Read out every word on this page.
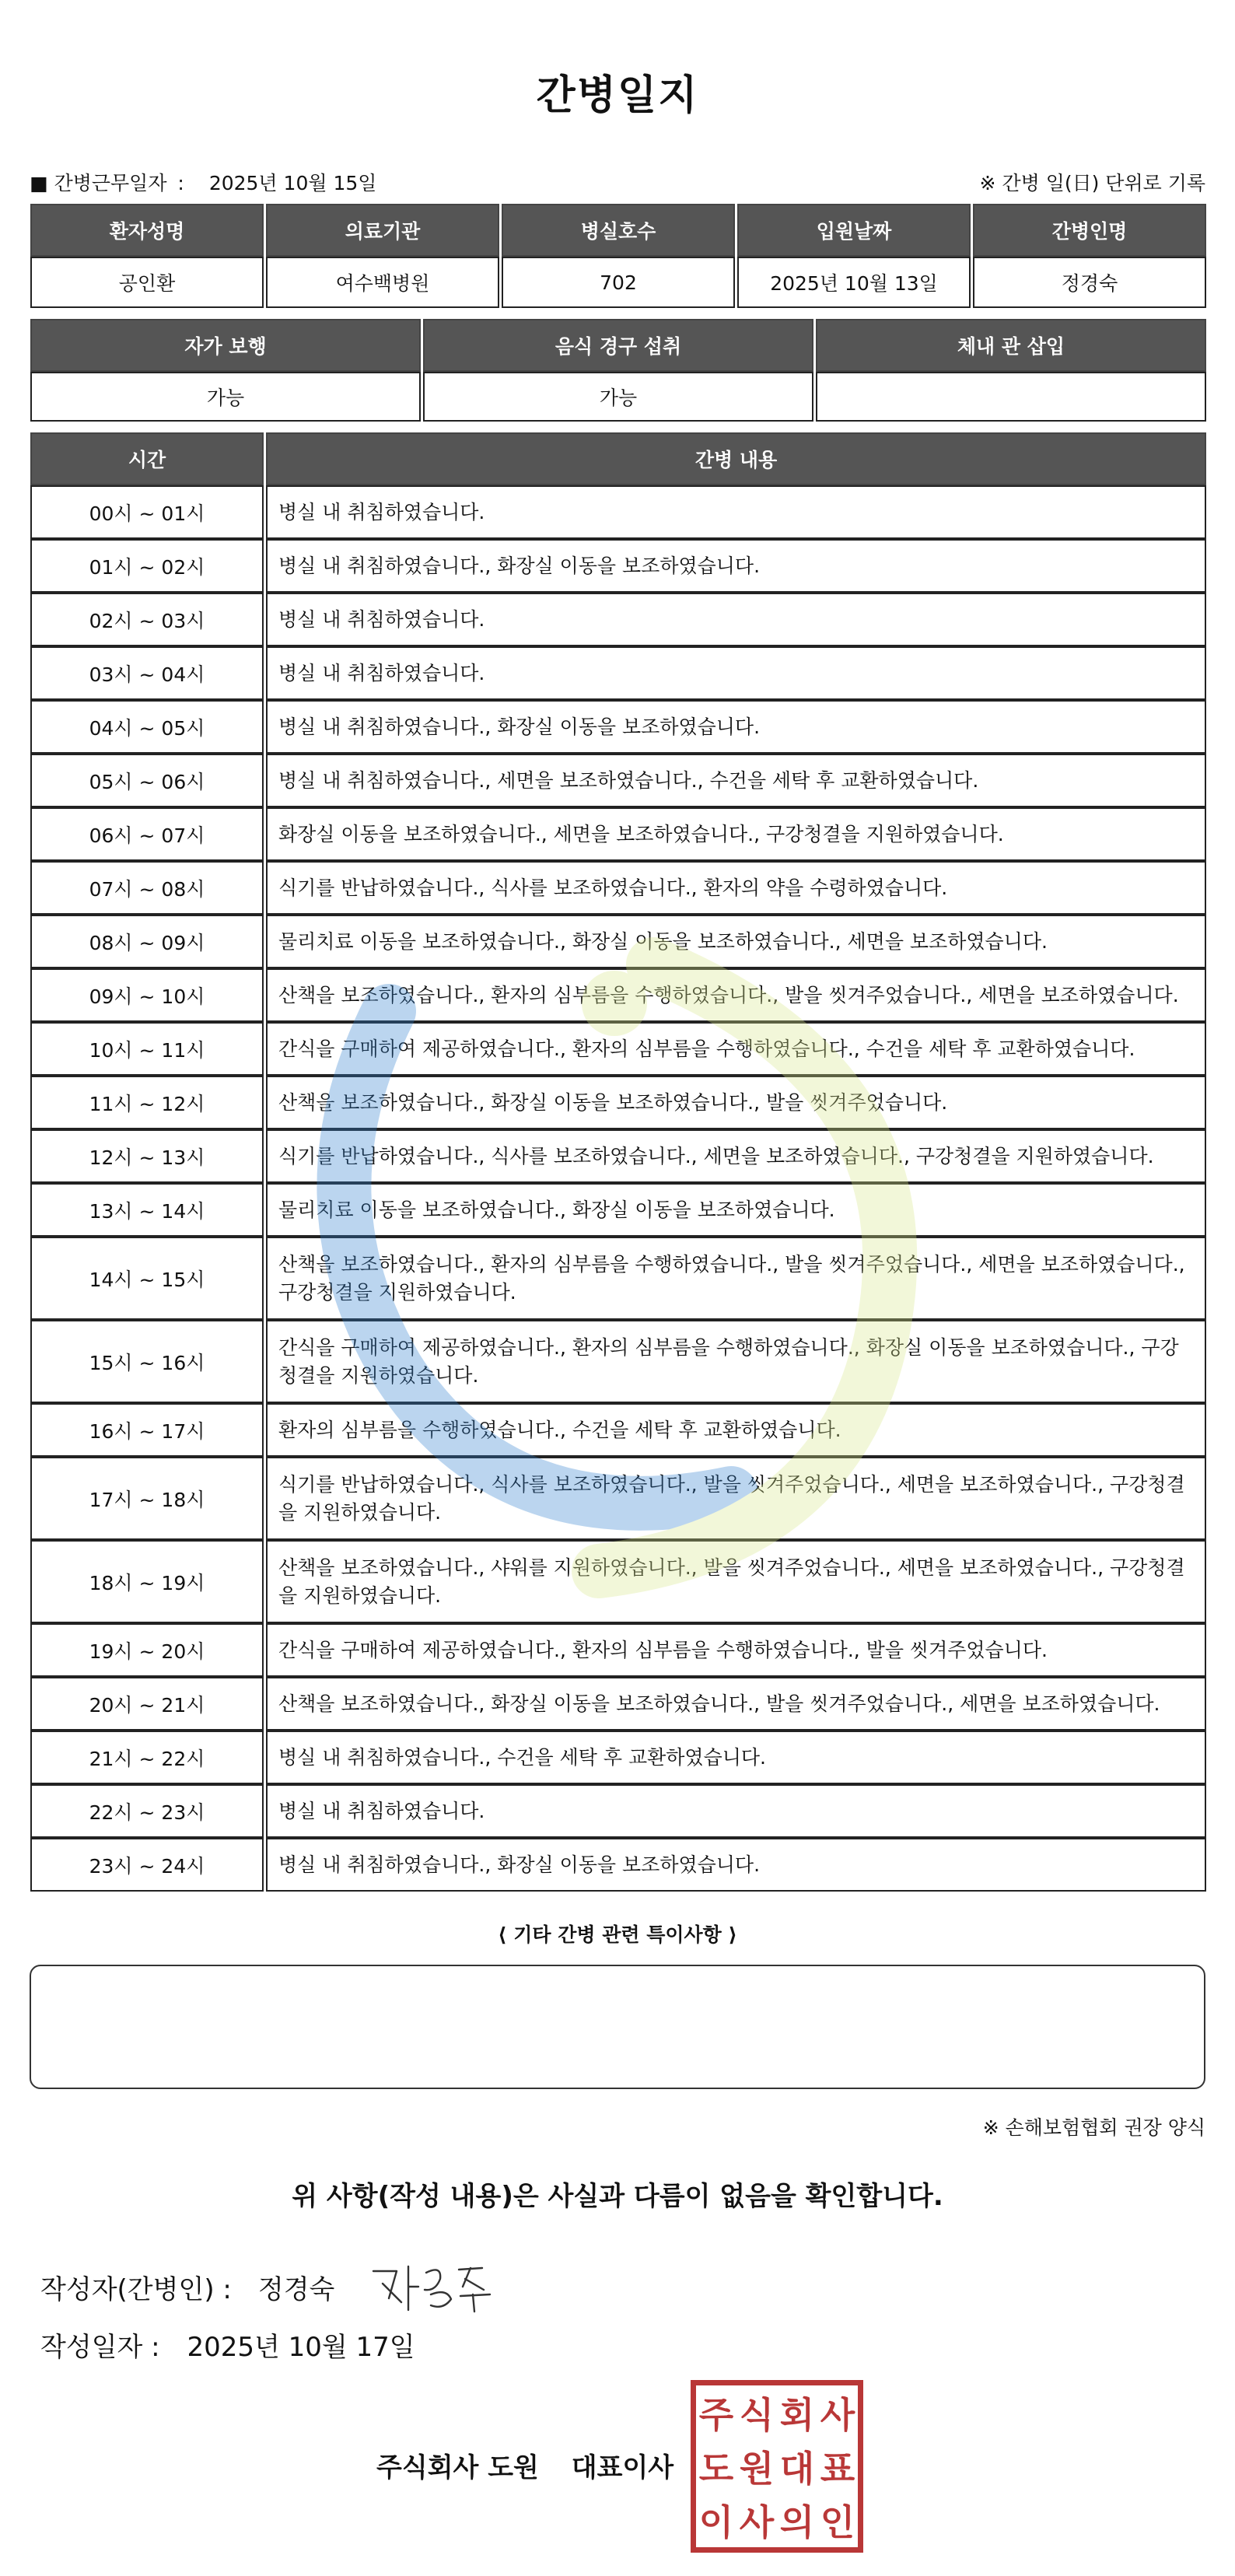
간병일지
■ 간병근무일자 : 2025년 10월 15일	※ 간병 일(日) 단위로 기록
환자성명	의료기관	병실호수	입원날짜	간병인명
공인환	여수백병원	702	2025년 10월 13일	정경숙
자가 보행	음식 경구 섭취	체내 관 삽입
가능	가능	
시간	간병 내용
00시 ~ 01시	병실 내 취침하였습니다.
01시 ~ 02시	병실 내 취침하였습니다., 화장실 이동을 보조하였습니다.
02시 ~ 03시	병실 내 취침하였습니다.
03시 ~ 04시	병실 내 취침하였습니다.
04시 ~ 05시	병실 내 취침하였습니다., 화장실 이동을 보조하였습니다.
05시 ~ 06시	병실 내 취침하였습니다., 세면을 보조하였습니다., 수건을 세탁 후 교환하였습니다.
06시 ~ 07시	화장실 이동을 보조하였습니다., 세면을 보조하였습니다., 구강청결을 지원하였습니다.
07시 ~ 08시	식기를 반납하였습니다., 식사를 보조하였습니다., 환자의 약을 수령하였습니다.
08시 ~ 09시	물리치료 이동을 보조하였습니다., 화장실 이동을 보조하였습니다., 세면을 보조하였습니다.
09시 ~ 10시	산책을 보조하였습니다., 환자의 심부름을 수행하였습니다., 발을 씻겨주었습니다., 세면을 보조하였습니다.
10시 ~ 11시	간식을 구매하여 제공하였습니다., 환자의 심부름을 수행하였습니다., 수건을 세탁 후 교환하였습니다.
11시 ~ 12시	산책을 보조하였습니다., 화장실 이동을 보조하였습니다., 발을 씻겨주었습니다.
12시 ~ 13시	식기를 반납하였습니다., 식사를 보조하였습니다., 세면을 보조하였습니다., 구강청결을 지원하였습니다.
13시 ~ 14시	물리치료 이동을 보조하였습니다., 화장실 이동을 보조하였습니다.
14시 ~ 15시	산책을 보조하였습니다., 환자의 심부름을 수행하였습니다., 발을 씻겨주었습니다., 세면을 보조하였습니다., 구강청결을 지원하였습니다.
15시 ~ 16시	간식을 구매하여 제공하였습니다., 환자의 심부름을 수행하였습니다., 화장실 이동을 보조하였습니다., 구강청결을 지원하였습니다.
16시 ~ 17시	환자의 심부름을 수행하였습니다., 수건을 세탁 후 교환하였습니다.
17시 ~ 18시	식기를 반납하였습니다., 식사를 보조하였습니다., 발을 씻겨주었습니다., 세면을 보조하였습니다., 구강청결을 지원하였습니다.
18시 ~ 19시	산책을 보조하였습니다., 샤워를 지원하였습니다., 발을 씻겨주었습니다., 세면을 보조하였습니다., 구강청결을 지원하였습니다.
19시 ~ 20시	간식을 구매하여 제공하였습니다., 환자의 심부름을 수행하였습니다., 발을 씻겨주었습니다.
20시 ~ 21시	산책을 보조하였습니다., 화장실 이동을 보조하였습니다., 발을 씻겨주었습니다., 세면을 보조하였습니다.
21시 ~ 22시	병실 내 취침하였습니다., 수건을 세탁 후 교환하였습니다.
22시 ~ 23시	병실 내 취침하였습니다.
23시 ~ 24시	병실 내 취침하였습니다., 화장실 이동을 보조하였습니다.
⟨ 기타 간병 관련 특이사항 ⟩
※ 손해보험협회 권장 양식
위 사항(작성 내용)은 사실과 다름이 없음을 확인합니다.
작성자(간병인) : 정경숙
작성일자 : 2025년 10월 17일
주식회사 도원 대표이사
주 식 회 사
도 원 대 표
이 사 의 인
